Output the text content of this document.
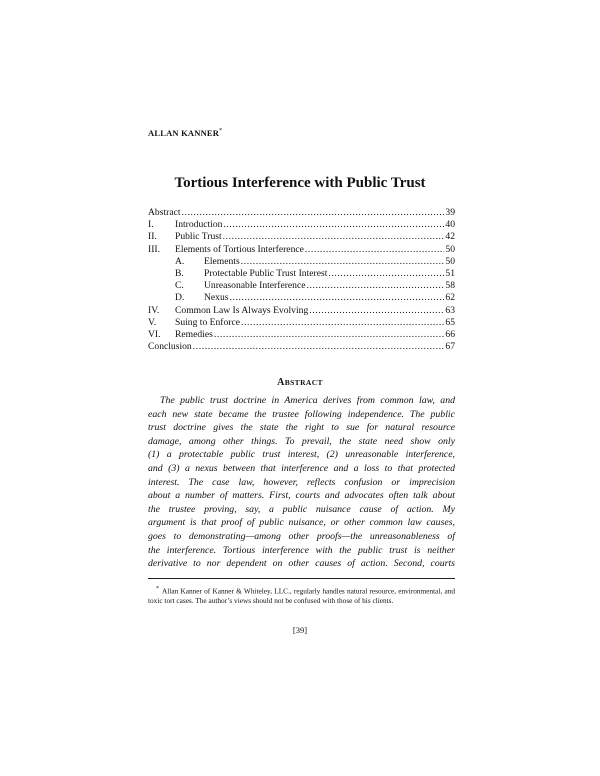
ALLAN KANNER*
Tortious Interference with Public Trust
Abstract .....	39
I.	Introduction .....	40
II.	Public Trust .....	42
III.	Elements of Tortious Interference .....	50
A.	Elements .....	50
B.	Protectable Public Trust Interest .....	51
C.	Unreasonable Interference .....	58
D.	Nexus .....	62
IV.	Common Law Is Always Evolving .....	63
V.	Suing to Enforce .....	65
VI.	Remedies .....	66
Conclusion .....	67
ABSTRACT
The public trust doctrine in America derives from common law, and
each new state became the trustee following independence. The public
trust doctrine gives the state the right to sue for natural resource
damage, among other things. To prevail, the state need show only
(1) a protectable public trust interest, (2) unreasonable interference,
and (3) a nexus between that interference and a loss to that protected
interest. The case law, however, reflects confusion or imprecision
about a number of matters. First, courts and advocates often talk about
the trustee proving, say, a public nuisance cause of action. My
argument is that proof of public nuisance, or other common law causes,
goes to demonstrating—among other proofs—the unreasonableness of
the interference. Tortious interference with the public trust is neither
derivative to nor dependent on other causes of action. Second, courts
* Allan Kanner of Kanner & Whiteley, LLC., regularly handles natural resource, environmental, and toxic tort cases. The author’s views should not be confused with those of his clients.
[39]
